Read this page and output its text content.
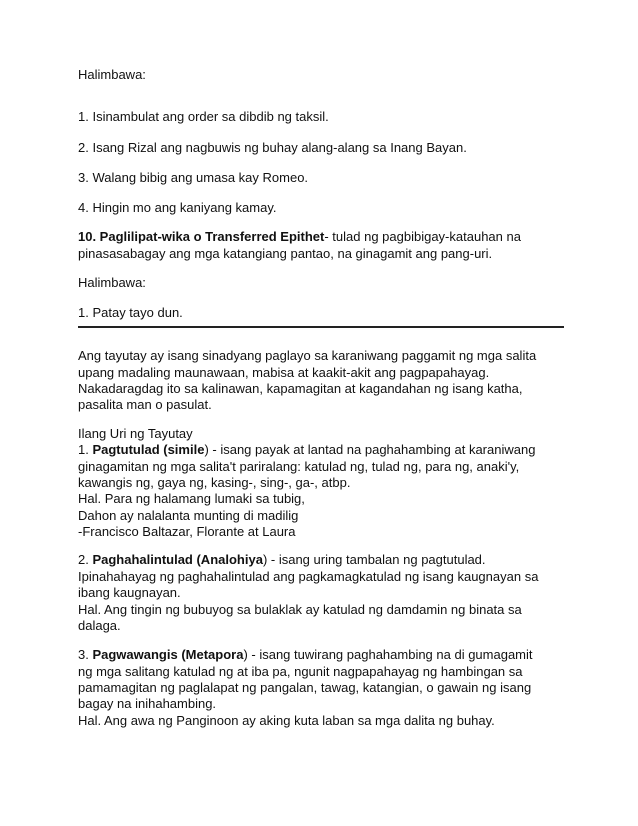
Halimbawa:
1. Isinambulat ang order sa dibdib ng taksil.
2. Isang Rizal ang nagbuwis ng buhay alang-alang sa Inang Bayan.
3. Walang bibig ang umasa kay Romeo.
4. Hingin mo ang kaniyang kamay.
10. Paglilipat-wika o Transferred Epithet- tulad ng pagbibigay-katauhan na
pinasasabagay ang mga katangiang pantao, na ginagamit ang pang-uri.
Halimbawa:
1. Patay tayo dun.
Ang tayutay ay isang sinadyang paglayo sa karaniwang paggamit ng mga salita
upang madaling maunawaan, mabisa at kaakit-akit ang pagpapahayag.
Nakadaragdag ito sa kalinawan, kapamagitan at kagandahan ng isang katha,
pasalita man o pasulat.
Ilang Uri ng Tayutay
1. Pagtutulad (simile) - isang payak at lantad na paghahambing at karaniwang
ginagamitan ng mga salita't pariralang: katulad ng, tulad ng, para ng, anaki'y,
kawangis ng, gaya ng, kasing-, sing-, ga-, atbp.
Hal. Para ng halamang lumaki sa tubig,
Dahon ay nalalanta munting di madilig
-Francisco Baltazar, Florante at Laura
2. Paghahalintulad (Analohiya) - isang uring tambalan ng pagtutulad.
Ipinahahayag ng paghahalintulad ang pagkamagkatulad ng isang kaugnayan sa
ibang kaugnayan.
Hal. Ang tingin ng bubuyog sa bulaklak ay katulad ng damdamin ng binata sa
dalaga.
3. Pagwawangis (Metapora) - isang tuwirang paghahambing na di gumagamit
ng mga salitang katulad ng at iba pa, ngunit nagpapahayag ng hambingan sa
pamamagitan ng paglalapat ng pangalan, tawag, katangian, o gawain ng isang
bagay na inihahambing.
Hal. Ang awa ng Panginoon ay aking kuta laban sa mga dalita ng buhay.
